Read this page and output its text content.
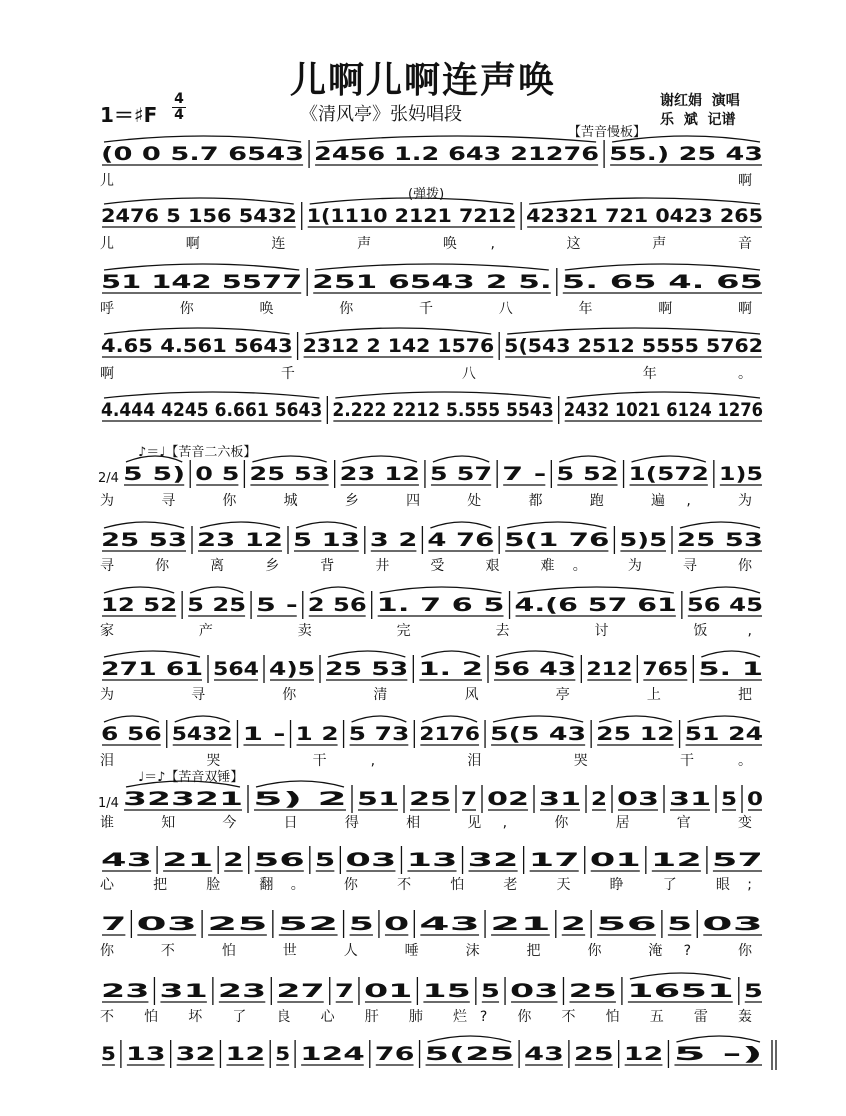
儿啊儿啊连声唤
1＝♯F
4
4	《清风亭》张妈唱段
谢红娟  演唱
乐  斌  记谱
【苦音慢板】
(0 0 5.7 6543 2456 1.2 643 21276 55.) 25 43
儿 啊
(弹拨)
2476 5 156 5432 1(1110 2121 7212 42321 721 0423 265
儿 啊 连 声 唤, 这 声 音
51 142 5577 251 6543 2 5. 5. 65 4. 65
呼 你 唤 你 千 八 年 啊 啊
4.65 4.561 5643 2312 2 142 1576 5(543 2512 5555 5762
啊 千 八 年。
4.444 4245 6.661 5643 2.222 2212 5.555 5543 2432 1021 6124 1276
♪＝♩【苦音二六板】
2/4 5 5) 0 5 25 53 23 12 5 57 7 - 5 52 1(572 1)5
为 寻 你 城 乡 四 处 都 跑 遍, 为
25 53 23 12 5 13 3 2 4 76 5(1 76 5)5 25 53
寻 你 离 乡 背 井 受 艰 难。 为 寻 你
12 52 5 25 5 - 2 56 1. 7 6 5 4.(6 57 61 56 45
家 产 卖 完 去 讨 饭,
271 61 564 4)5 25 53 1. 2 56 43 212 765 5. 1
为 寻 你 清 风 亭 上 把
6 56 5432 1 - 1 2 5 73 2176 5(5 43 25 12 51 24
泪 哭 干, 泪 哭 干。
♩＝♪【苦音双锤】
1/4 32321 5) 2 51 25 7 02 31 2 03 31 5 0
谁 知 今 日 得 相 见, 你 居 官 变
43 21 2 56 5 03 13 32 17 01 12 57
心 把 脸 翻。 你 不 怕 老 天 睁 了 眼;
7 03 25 52 5 0 43 21 2 56 5 03
你 不 怕 世 人 唾 沫 把 你 淹? 你
23 31 23 27 7 01 15 5 03 25 1651 5
不 怕 坏 了 良 心 肝 肺 烂? 你 不 怕 五 雷 轰
5 13 32 12 5 124 76 5(25 43 25 12 5 -)
